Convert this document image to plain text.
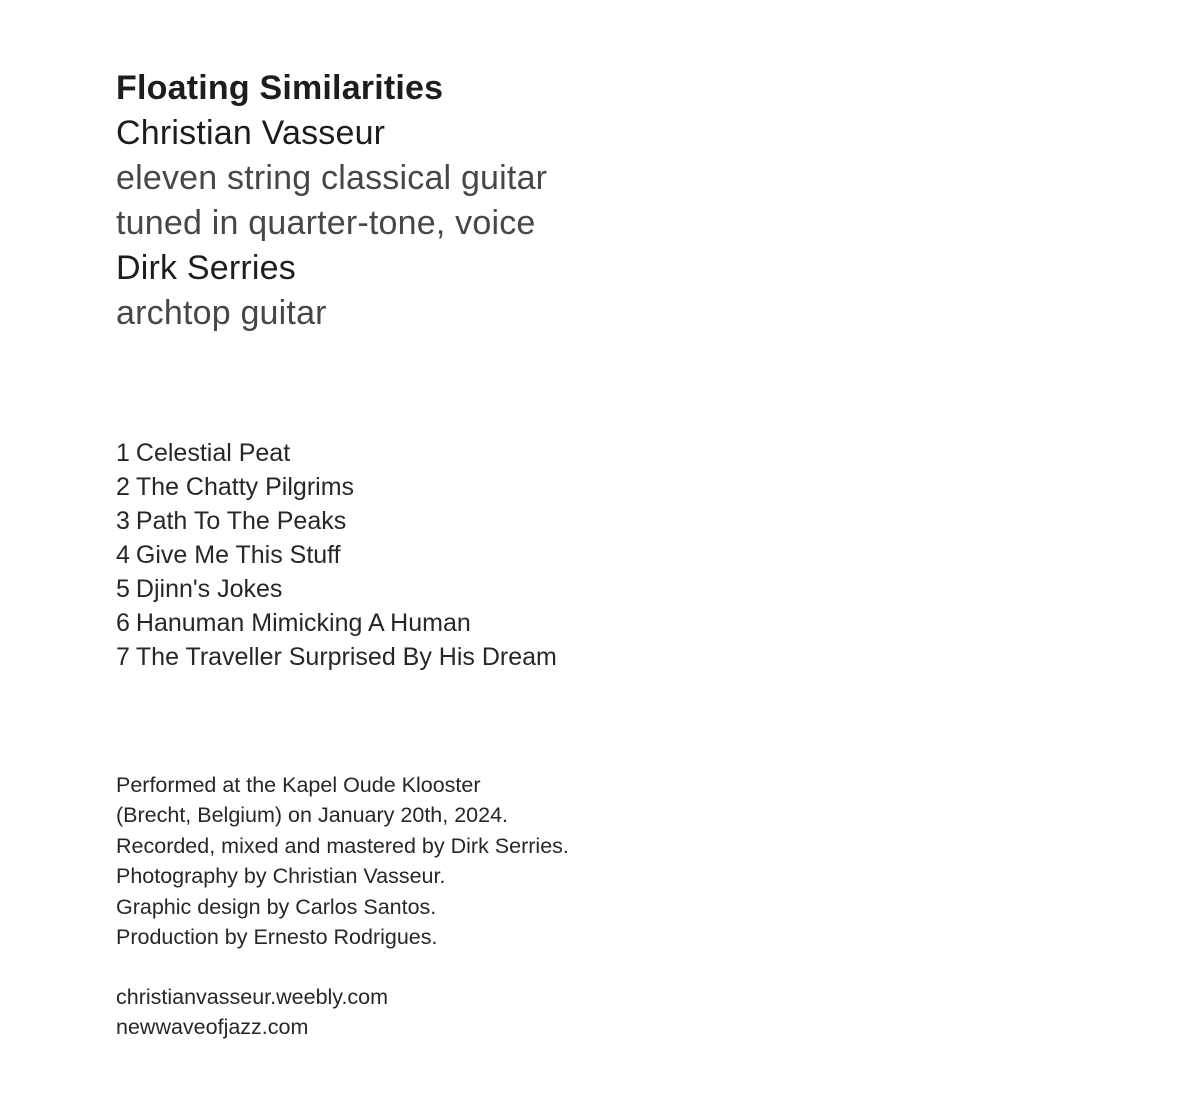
Floating Similarities
Christian Vasseur
eleven string classical guitar
tuned in quarter-tone, voice
Dirk Serries
archtop guitar
1 Celestial Peat
2 The Chatty Pilgrims
3 Path To The Peaks
4 Give Me This Stuff
5 Djinn's Jokes
6 Hanuman Mimicking A Human
7 The Traveller Surprised By His Dream
Performed at the Kapel Oude Klooster
(Brecht, Belgium) on January 20th, 2024.
Recorded, mixed and mastered by Dirk Serries.
Photography by Christian Vasseur.
Graphic design by Carlos Santos.
Production by Ernesto Rodrigues.
christianvasseur.weebly.com
newwaveofjazz.com
